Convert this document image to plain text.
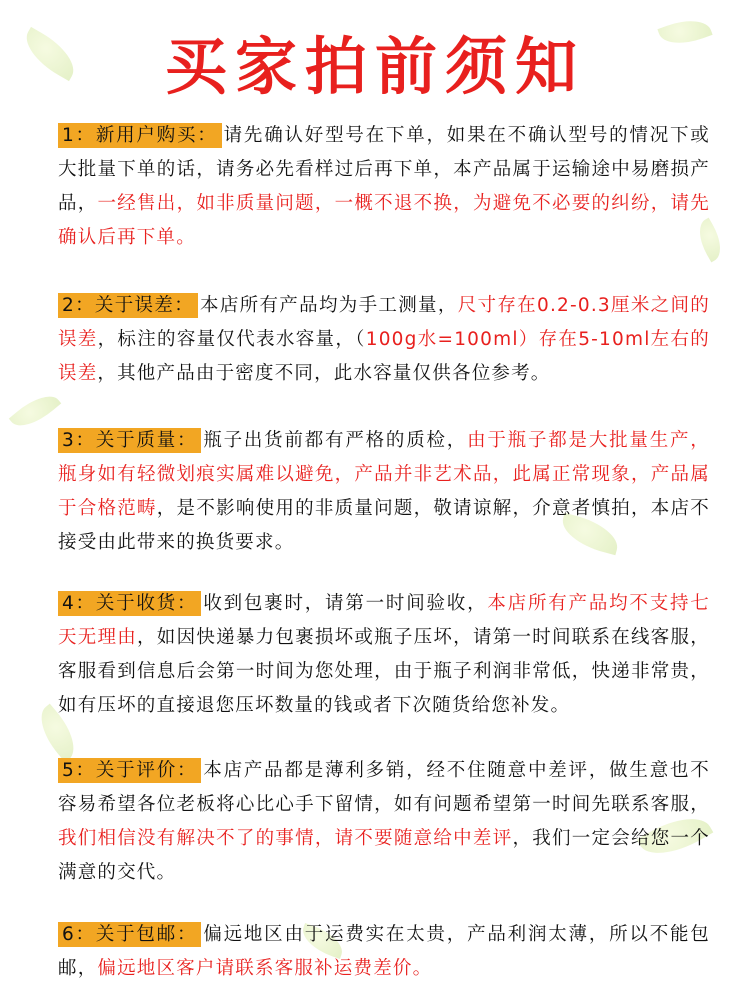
买家拍前须知
1：新用户购买： 请先确认好型号在下单，如果在不确认型号的情况下或大批量下单的话，请务必先看样过后再下单，本产品属于运输途中易磨损产品，一经售出，如非质量问题，一概不退不换，为避免不必要的纠纷，请先确认后再下单。
2：关于误差： 本店所有产品均为手工测量，尺寸存在0.2-0.3厘米之间的误差，标注的容量仅代表水容量，（100g水=100ml）存在5-10ml左右的误差，其他产品由于密度不同，此水容量仅供各位参考。
3：关于质量： 瓶子出货前都有严格的质检，由于瓶子都是大批量生产，瓶身如有轻微划痕实属难以避免，产品并非艺术品，此属正常现象，产品属于合格范畴，是不影响使用的非质量问题，敬请谅解，介意者慎拍，本店不接受由此带来的换货要求。
4：关于收货： 收到包裹时，请第一时间验收，本店所有产品均不支持七天无理由，如因快递暴力包裹损坏或瓶子压坏，请第一时间联系在线客服，客服看到信息后会第一时间为您处理，由于瓶子利润非常低，快递非常贵，如有压坏的直接退您压坏数量的钱或者下次随货给您补发。
5：关于评价： 本店产品都是薄利多销，经不住随意中差评，做生意也不容易希望各位老板将心比心手下留情，如有问题希望第一时间先联系客服，我们相信没有解决不了的事情，请不要随意给中差评，我们一定会给您一个满意的交代。
6：关于包邮： 偏远地区由于运费实在太贵，产品利润太薄，所以不能包邮，偏远地区客户请联系客服补运费差价。
